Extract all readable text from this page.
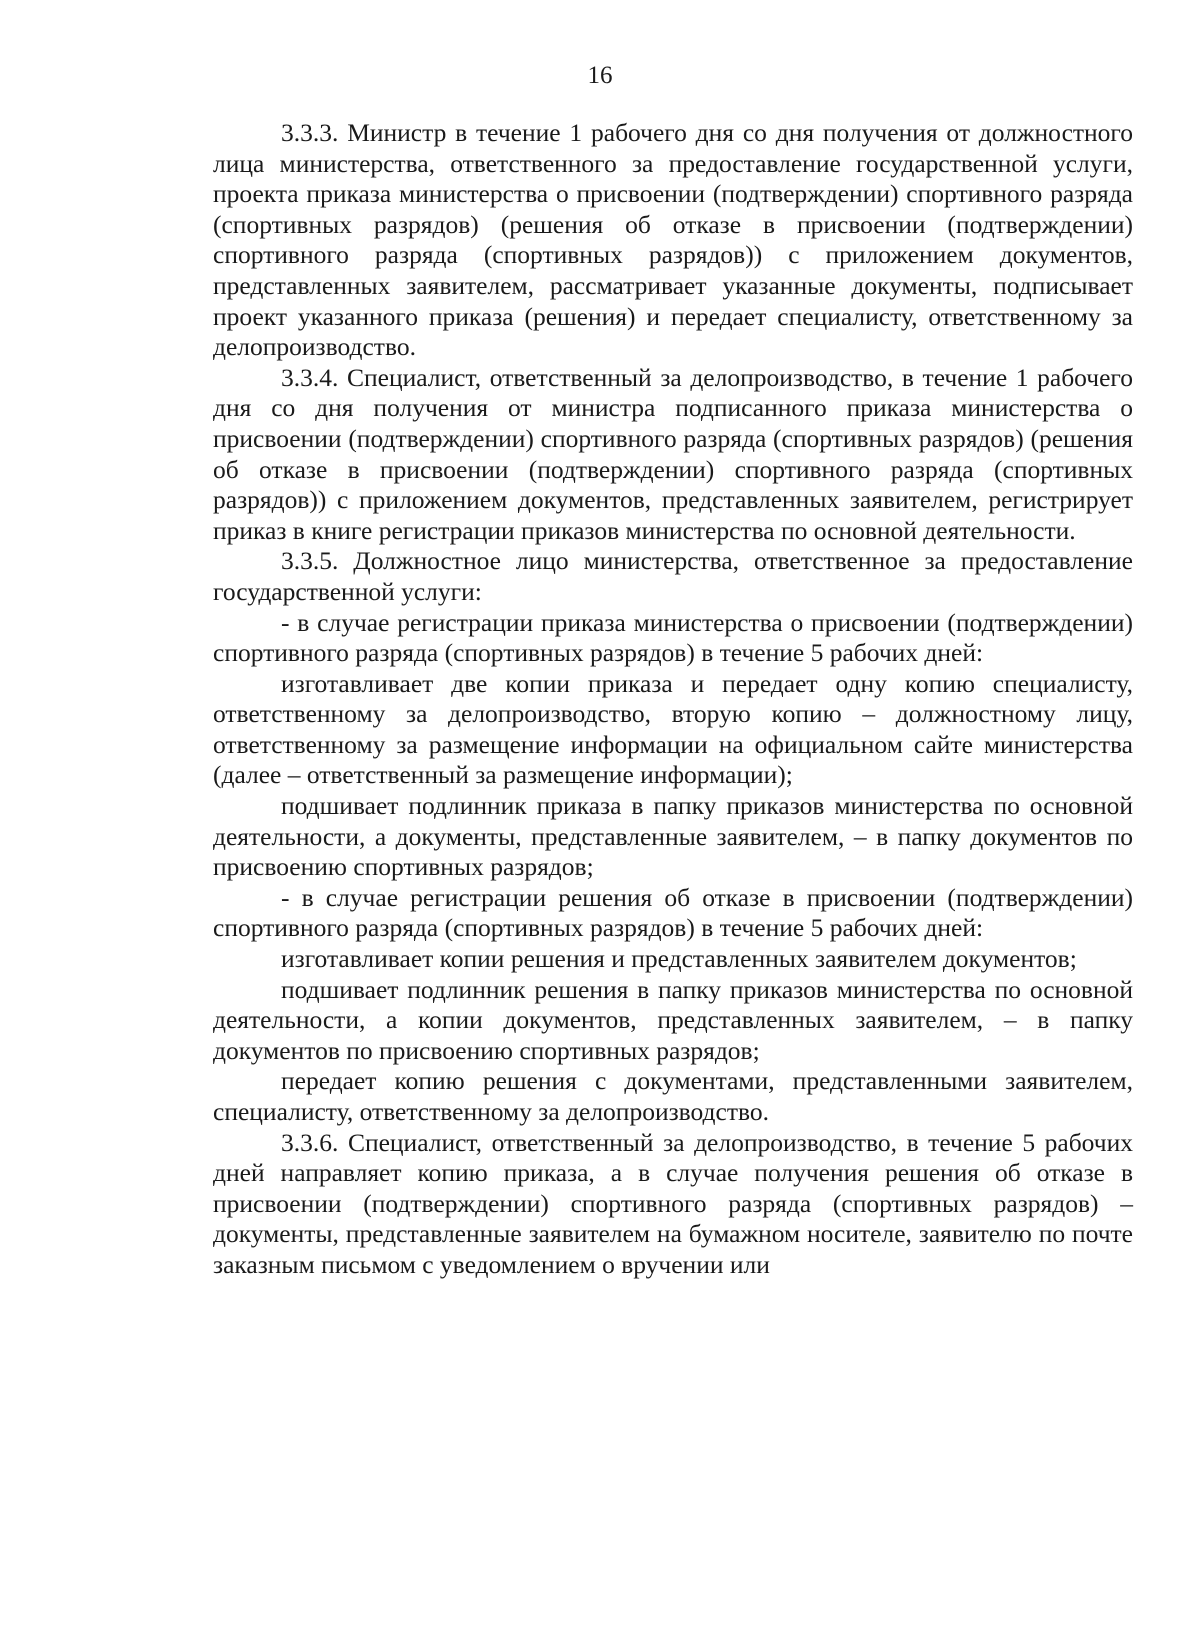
16

3.3.3. Министр в течение 1 рабочего дня со дня получения от должностного лица министерства, ответственного за предоставление государственной услуги, проекта приказа министерства о присвоении (подтверждении) спортивного разряда (спортивных разрядов) (решения об отказе в присвоении (подтверждении) спортивного разряда (спортивных разрядов)) с приложением документов, представленных заявителем, рассматривает указанные документы, подписывает проект указанного приказа (решения) и передает специалисту, ответственному за делопроизводство.

3.3.4. Специалист, ответственный за делопроизводство, в течение 1 рабочего дня со дня получения от министра подписанного приказа министерства о присвоении (подтверждении) спортивного разряда (спортивных разрядов) (решения об отказе в присвоении (подтверждении) спортивного разряда (спортивных разрядов)) с приложением документов, представленных заявителем, регистрирует приказ в книге регистрации приказов министерства по основной деятельности.

3.3.5. Должностное лицо министерства, ответственное за предоставление государственной услуги:

- в случае регистрации приказа министерства о присвоении (подтверждении) спортивного разряда (спортивных разрядов) в течение 5 рабочих дней:

изготавливает две копии приказа и передает одну копию специалисту, ответственному за делопроизводство, вторую копию – должностному лицу, ответственному за размещение информации на официальном сайте министерства (далее – ответственный за размещение информации);

подшивает подлинник приказа в папку приказов министерства по основной деятельности, а документы, представленные заявителем, – в папку документов по присвоению спортивных разрядов;

- в случае регистрации решения об отказе в присвоении (подтверждении) спортивного разряда (спортивных разрядов) в течение 5 рабочих дней:

изготавливает копии решения и представленных заявителем документов;

подшивает подлинник решения в папку приказов министерства по основной деятельности, а копии документов, представленных заявителем, – в папку документов по присвоению спортивных разрядов;

передает копию решения с документами, представленными заявителем, специалисту, ответственному за делопроизводство.

3.3.6. Специалист, ответственный за делопроизводство, в течение 5 рабочих дней направляет копию приказа, а в случае получения решения об отказе в присвоении (подтверждении) спортивного разряда (спортивных разрядов) – документы, представленные заявителем на бумажном носителе, заявителю по почте заказным письмом с уведомлением о вручении или
